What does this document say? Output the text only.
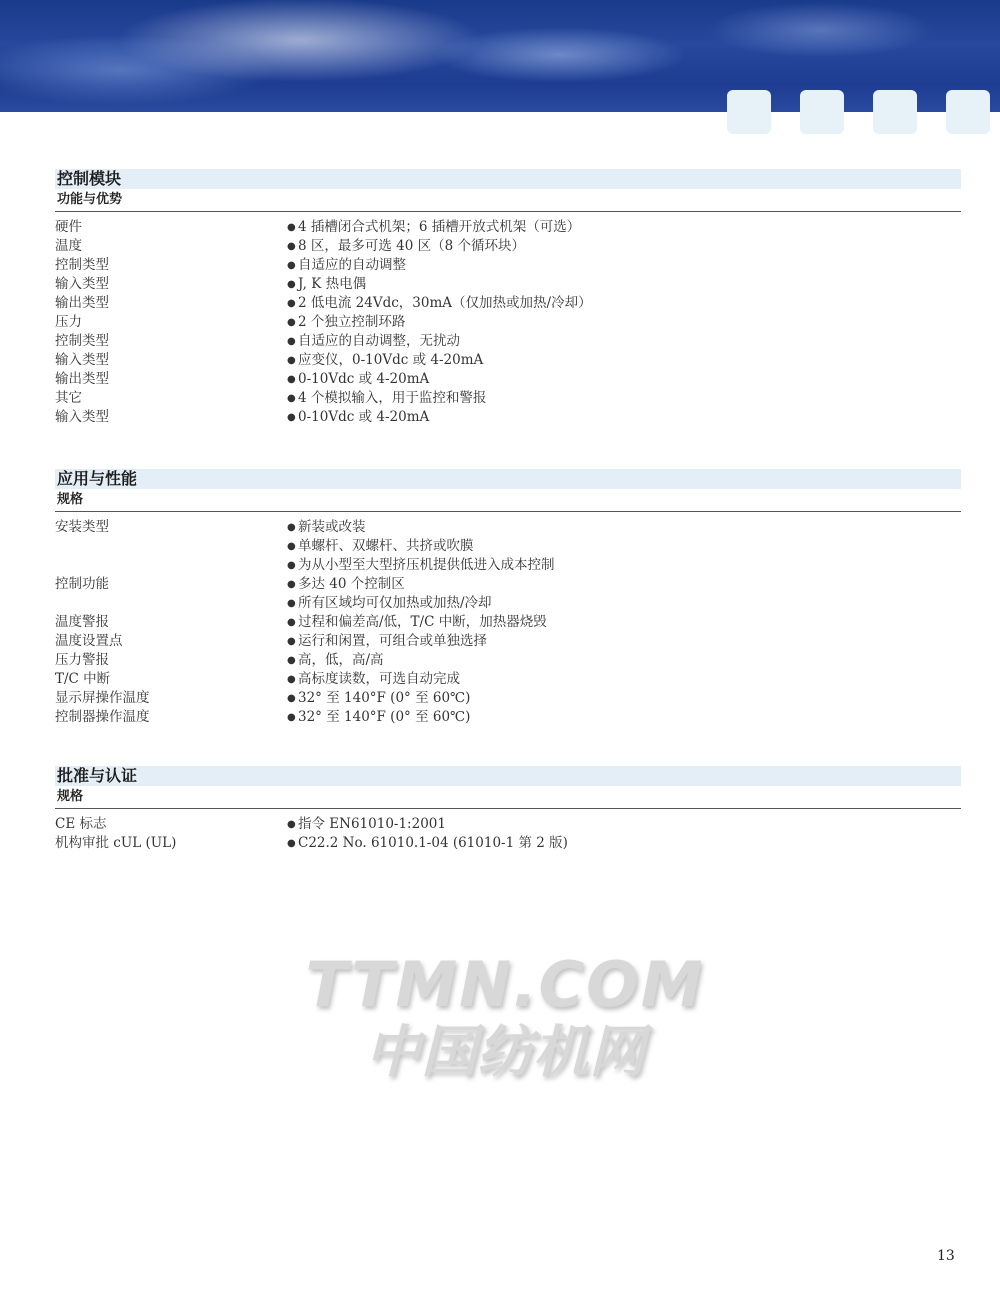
控制模块
功能与优势
硬件	● 4 插槽闭合式机架；6 插槽开放式机架（可选）
温度	● 8 区，最多可选 40 区（8 个循环块）
控制类型	● 自适应的自动调整
输入类型	● J, K 热电偶
输出类型	● 2 低电流 24Vdc，30mA（仅加热或加热/冷却）
压力	● 2 个独立控制环路
控制类型	● 自适应的自动调整，无扰动
输入类型	● 应变仪，0-10Vdc 或 4-20mA
输出类型	● 0-10Vdc 或 4-20mA
其它	● 4 个模拟输入，用于监控和警报
输入类型	● 0-10Vdc 或 4-20mA
应用与性能
规格
安装类型	● 新装或改装
● 单螺杆、双螺杆、共挤或吹膜
● 为从小型至大型挤压机提供低进入成本控制
控制功能	● 多达 40 个控制区
● 所有区域均可仅加热或加热/冷却
温度警报	● 过程和偏差高/低，T/C 中断，加热器烧毁
温度设置点	● 运行和闲置，可组合或单独选择
压力警报	● 高，低，高/高
T/C 中断	● 高标度读数，可选自动完成
显示屏操作温度	● 32° 至 140°F (0° 至 60℃)
控制器操作温度	● 32° 至 140°F (0° 至 60℃)
批准与认证
规格
CE 标志	● 指令 EN61010-1:2001
机构审批 cUL (UL)	● C22.2 No. 61010.1-04 (61010-1 第 2 版)
TTMN.COM
中国纺机网
13
